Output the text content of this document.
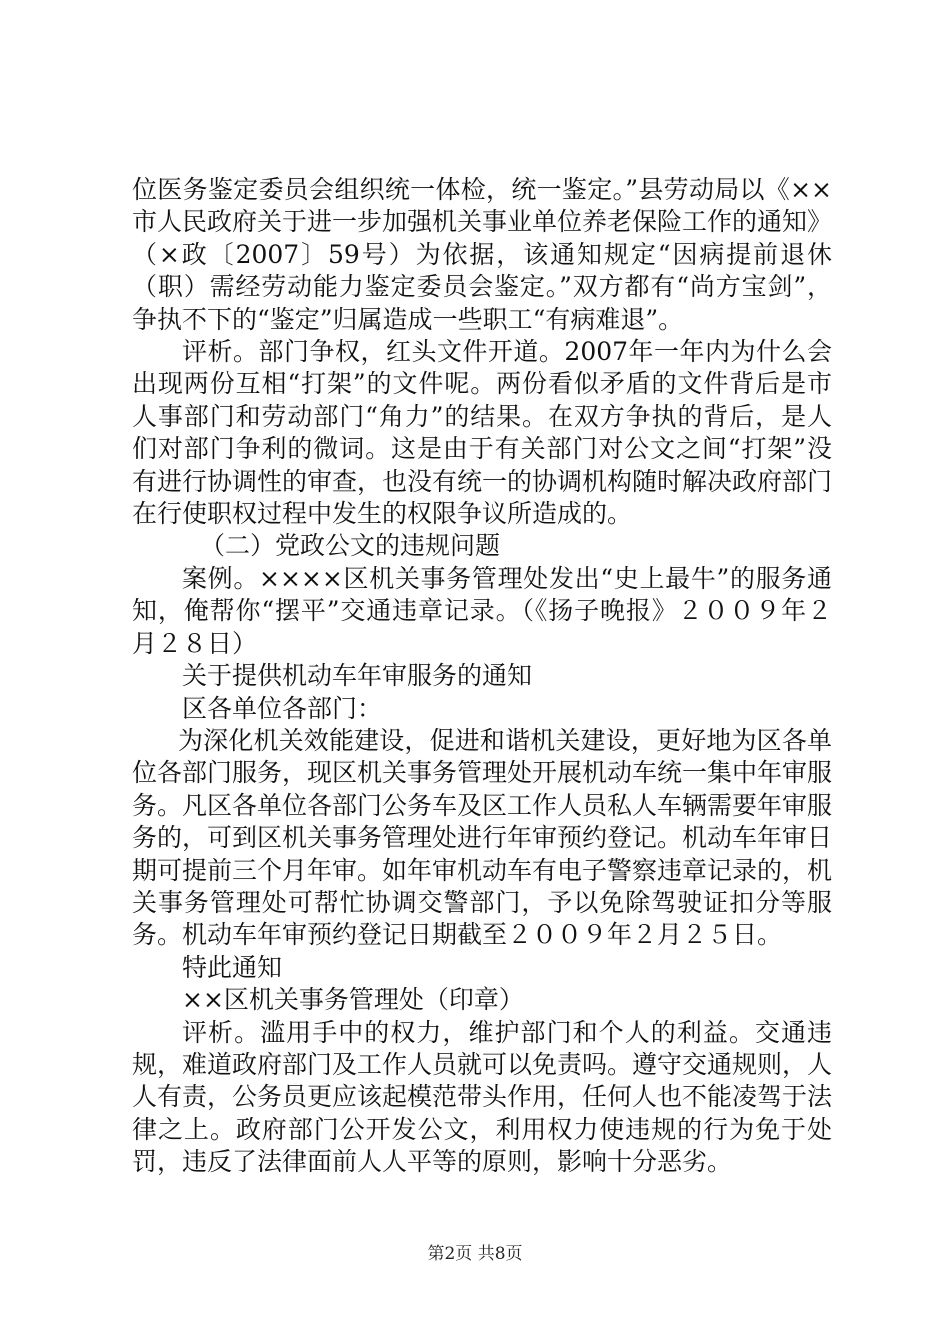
位医务鉴定委员会组织统一体检，统一鉴定。”县劳动局以《××市人民政府关于进一步加强机关事业单位养老保险工作的通知》（×政〔2007〕59号）为依据，该通知规定“因病提前退休（职）需经劳动能力鉴定委员会鉴定。”双方都有“尚方宝剑”，争执不下的“鉴定”归属造成一些职工“有病难退”。

评析。部门争权，红头文件开道。2007年一年内为什么会出现两份互相“打架”的文件呢。两份看似矛盾的文件背后是市人事部门和劳动部门“角力”的结果。在双方争执的背后，是人们对部门争利的微词。这是由于有关部门对公文之间“打架”没有进行协调性的审查，也没有统一的协调机构随时解决政府部门在行使职权过程中发生的权限争议所造成的。

（二）党政公文的违规问题

案例。××××区机关事务管理处发出“史上最牛”的服务通知，俺帮你“摆平”交通违章记录。（《扬子晚报》２００９年２月２８日）

关于提供机动车年审服务的通知

区各单位各部门：

为深化机关效能建设，促进和谐机关建设，更好地为区各单位各部门服务，现区机关事务管理处开展机动车统一集中年审服务。凡区各单位各部门公务车及区工作人员私人车辆需要年审服务的，可到区机关事务管理处进行年审预约登记。机动车年审日期可提前三个月年审。如年审机动车有电子警察违章记录的，机关事务管理处可帮忙协调交警部门，予以免除驾驶证扣分等服务。机动车年审预约登记日期截至２００９年２月２５日。

特此通知

××区机关事务管理处（印章）

评析。滥用手中的权力，维护部门和个人的利益。交通违规，难道政府部门及工作人员就可以免责吗。遵守交通规则，人人有责，公务员更应该起模范带头作用，任何人也不能凌驾于法律之上。政府部门公开发公文，利用权力使违规的行为免于处罚，违反了法律面前人人平等的原则，影响十分恶劣。

第2页 共8页
